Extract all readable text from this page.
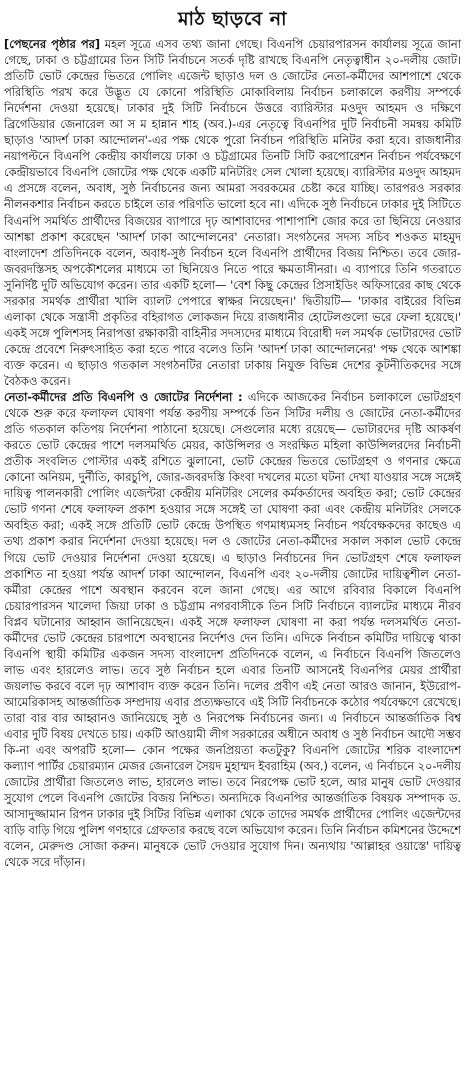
মাঠ ছাড়বে না

[পেছনের পৃষ্ঠার পর] মহল সূত্রে এসব তথ্য জানা গেছে। বিএনপি চেয়ারপারসন কার্যালয় সূত্রে জানা গেছে, ঢাকা ও চট্টগ্রামের তিন সিটি নির্বাচনে সতর্ক দৃষ্টি রাখছে বিএনপি নেতৃত্বাধীন ২০-দলীয় জোট। প্রতিটি ভোট কেন্দ্রের ভিতরে পোলিং এজেন্ট ছাড়াও দল ও জোটের নেতা-কর্মীদের আশপাশে থেকে পরিস্থিতি পরখ করে উদ্ভূত যে কোনো পরিস্থিতি মোকাবিলায় নির্বাচন চলাকালে করণীয় সম্পর্কে নির্দেশনা দেওয়া হয়েছে। ঢাকার দুই সিটি নির্বাচনে উত্তরে ব্যারিস্টার মওদুদ আহমদ ও দক্ষিণে ব্রিগেডিয়ার জেনারেল আ স ম হান্নান শাহ (অব.)-এর নেতৃত্বে বিএনপির দুটি নির্বাচনী সমন্বয় কমিটি ছাড়াও 'আদর্শ ঢাকা আন্দোলন'-এর পক্ষ থেকে পুরো নির্বাচন পরিস্থিতি মনিটর করা হবে। রাজধানীর নয়াপল্টনে বিএনপি কেন্দ্রীয় কার্যালয়ে ঢাকা ও চট্টগ্রামের তিনটি সিটি করপোরেশন নির্বাচন পর্যবেক্ষণে কেন্দ্রীয়ভাবে বিএনপি জোটের পক্ষ থেকে একটি মনিটরিং সেল খোলা হয়েছে। ব্যারিস্টার মওদুদ আহমদ এ প্রসঙ্গে বলেন, অবাধ, সুষ্ঠ নির্বাচনের জন্য আমরা সবরকমের চেষ্টা করে যাচ্ছি। তারপরও সরকার নীলনকশার নির্বাচন করতে চাইলে তার পরিণতি ভালো হবে না। এদিকে সুষ্ঠ নির্বাচনে ঢাকার দুই সিটিতে বিএনপি সমর্থিত প্রার্থীদের বিজয়ের ব্যাপারে দৃঢ় আশাবাদের পাশাপাশি জোর করে তা ছিনিয়ে নেওয়ার আশঙ্কা প্রকাশ করেছেন 'আদর্শ ঢাকা আন্দোলনের' নেতারা। সংগঠনের সদস্য সচিব শওকত মাহমুদ বাংলাদেশ প্রতিদিনকে বলেন, অবাধ-সুষ্ঠ নির্বাচন হলে বিএনপি প্রার্থীদের বিজয় নিশ্চিত। তবে জোর-জবরদস্তিসহ অপকৌশলের মাধ্যমে তা ছিনিয়েও নিতে পারে ক্ষমতাসীনরা। এ ব্যাপারে তিনি গতরাতে সুনির্দিষ্ট দুটি অভিযোগ করেন। তার একটি হলো— 'বেশ কিছু কেন্দ্রের প্রিসাইডিং অফিসারের কাছ থেকে সরকার সমর্থক প্রার্থীরা খালি ব্যালট পেপারে স্বাক্ষর নিয়েছেন।' দ্বিতীয়টি— 'ঢাকার বাইরের বিভিন্ন এলাকা থেকে সন্ত্রাসী প্রকৃতির বহিরাগত লোকজন দিয়ে রাজধানীর হোটেলগুলো ভরে ফেলা হয়েছে।' একই সঙ্গে পুলিশসহ নিরাপত্তা রক্ষাকারী বাহিনীর সদস্যদের মাধ্যমে বিরোধী দল সমর্থক ভোটারদের ভোট কেন্দ্রে প্রবেশে নিরুৎসাহিত করা হতে পারে বলেও তিনি 'আদর্শ ঢাকা আন্দোলনের' পক্ষ থেকে আশঙ্কা ব্যক্ত করেন। এ ছাড়াও গতকাল সংগঠনটির নেতারা ঢাকায় নিযুক্ত বিভিন্ন দেশের কূটনীতিকদের সঙ্গে বৈঠকও করেন।

নেতা-কর্মীদের প্রতি বিএনপি ও জোটের নির্দেশনা : এদিকে আজকের নির্বাচন চলাকালে ভোটগ্রহণ থেকে শুরু করে ফলাফল ঘোষণা পর্যন্ত করণীয় সম্পর্কে তিন সিটির দলীয় ও জোটের নেতা-কর্মীদের প্রতি গতকাল কতিপয় নির্দেশনা পাঠানো হয়েছে। সেগুলোর মধ্যে রয়েছে— ভোটারদের দৃষ্টি আকর্ষণ করতে ভোট কেন্দ্রের পাশে দলসমর্থিত মেয়র, কাউন্সিলর ও সংরক্ষিত মহিলা কাউন্সিলরদের নির্বাচনী প্রতীক সংবলিত পোস্টার একই রশিতে ঝুলানো, ভোট কেন্দ্রের ভিতরে ভোটগ্রহণ ও গণনার ক্ষেত্রে কোনো অনিয়ম, দুর্নীতি, কারচুপি, জোর-জবরদস্তি কিংবা দখলের মতো ঘটনা দেখা যাওয়ার সঙ্গে সঙ্গেই দায়িত্ব পালনকারী পোলিং এজেন্টরা কেন্দ্রীয় মনিটরিং সেলের কর্মকর্তাদের অবহিত করা; ভোট কেন্দ্রের ভোট গণনা শেষে ফলাফল প্রকাশ হওয়ার সঙ্গে সঙ্গেই তা ঘোষণা করা এবং কেন্দ্রীয় মনিটরিং সেলকে অবহিত করা; একই সঙ্গে প্রতিটি ভোট কেন্দ্রে উপস্থিত গণমাধ্যমসহ নির্বাচন পর্যবেক্ষকদের কাছেও এ তথ্য প্রকাশ করার নির্দেশনা দেওয়া হয়েছে। দল ও জোটের নেতা-কর্মীদের সকাল সকাল ভোট কেন্দ্রে গিয়ে ভোট দেওয়ার নির্দেশনা দেওয়া হয়েছে। এ ছাড়াও নির্বাচনের দিন ভোটগ্রহণ শেষে ফলাফল প্রকাশিত না হওয়া পর্যন্ত আদর্শ ঢাকা আন্দোলন, বিএনপি এবং ২০-দলীয় জোটের দায়িত্বশীল নেতা-কর্মীরা কেন্দ্রের পাশে অবস্থান করবেন বলে জানা গেছে। এর আগে রবিবার বিকালে বিএনপি চেয়ারপারসন খালেদা জিয়া ঢাকা ও চট্টগ্রাম নগরবাসীকে তিন সিটি নির্বাচনে ব্যালটের মাধ্যমে নীরব বিপ্লব ঘটানোর আহ্বান জানিয়েছেন। একই সঙ্গে ফলাফল ঘোষণা না করা পর্যন্ত দলসমর্থিত নেতা-কর্মীদের ভোট কেন্দ্রের চারপাশে অবস্থানের নির্দেশও দেন তিনি। এদিকে নির্বাচন কমিটির দায়িত্বে থাকা বিএনপি স্থায়ী কমিটির একজন সদস্য বাংলাদেশ প্রতিদিনকে বলেন, এ নির্বাচনে বিএনপি জিতলেও লাভ এবং হারলেও লাভ। তবে সুষ্ঠ নির্বাচন হলে এবার তিনটি আসনেই বিএনপির মেয়র প্রার্থীরা জয়লাভ করবে বলে দৃঢ় আশাবাদ ব্যক্ত করেন তিনি। দলের প্রবীণ এই নেতা আরও জানান, ইউরোপ-আমেরিকাসহ আন্তর্জাতিক সম্প্রদায় এবার প্রত্যক্ষভাবে এই সিটি নির্বাচনকে কঠোর পর্যবেক্ষণে রেখেছে। তারা বার বার আহ্বানও জানিয়েছে সুষ্ঠ ও নিরপেক্ষ নির্বাচনের জন্য। এ নির্বাচনে আন্তর্জাতিক বিশ্ব এবার দুটি বিষয় দেখতে চায়। একটি আওয়ামী লীগ সরকারের অধীনে অবাধ ও সুষ্ঠ নির্বাচন আদৌ সম্ভব কি-না এবং অপরটি হলো— কোন পক্ষের জনপ্রিয়তা কতটুকু? বিএনপি জোটের শরিক বাংলাদেশ কল্যাণ পার্টির চেয়ারম্যান মেজর জেনারেল সৈয়দ মুহাম্মদ ইবরাহিম (অব.) বলেন, এ নির্বাচনে ২০-দলীয় জোটের প্রার্থীরা জিতলেও লাভ, হারলেও লাভ। তবে নিরপেক্ষ ভোট হলে, আর মানুষ ভোট দেওয়ার সুযোগ পেলে বিএনপি জোটের বিজয় নিশ্চিত। অন্যদিকে বিএনপির আন্তর্জাতিক বিষয়ক সম্পাদক ড. আসাদুজ্জামান রিপন ঢাকার দুই সিটির বিভিন্ন এলাকা থেকে তাদের সমর্থক প্রার্থীদের পোলিং এজেন্টদের বাড়ি বাড়ি গিয়ে পুলিশ গণহারে গ্রেফতার করছে বলে অভিযোগ করেন। তিনি নির্বাচন কমিশনের উদ্দেশে বলেন, মেরুদণ্ড সোজা করুন। মানুষকে ভোট দেওয়ার সুযোগ দিন। অন্যথায় 'আল্লাহর ওয়াস্তে' দায়িত্ব থেকে সরে দাঁড়ান।
